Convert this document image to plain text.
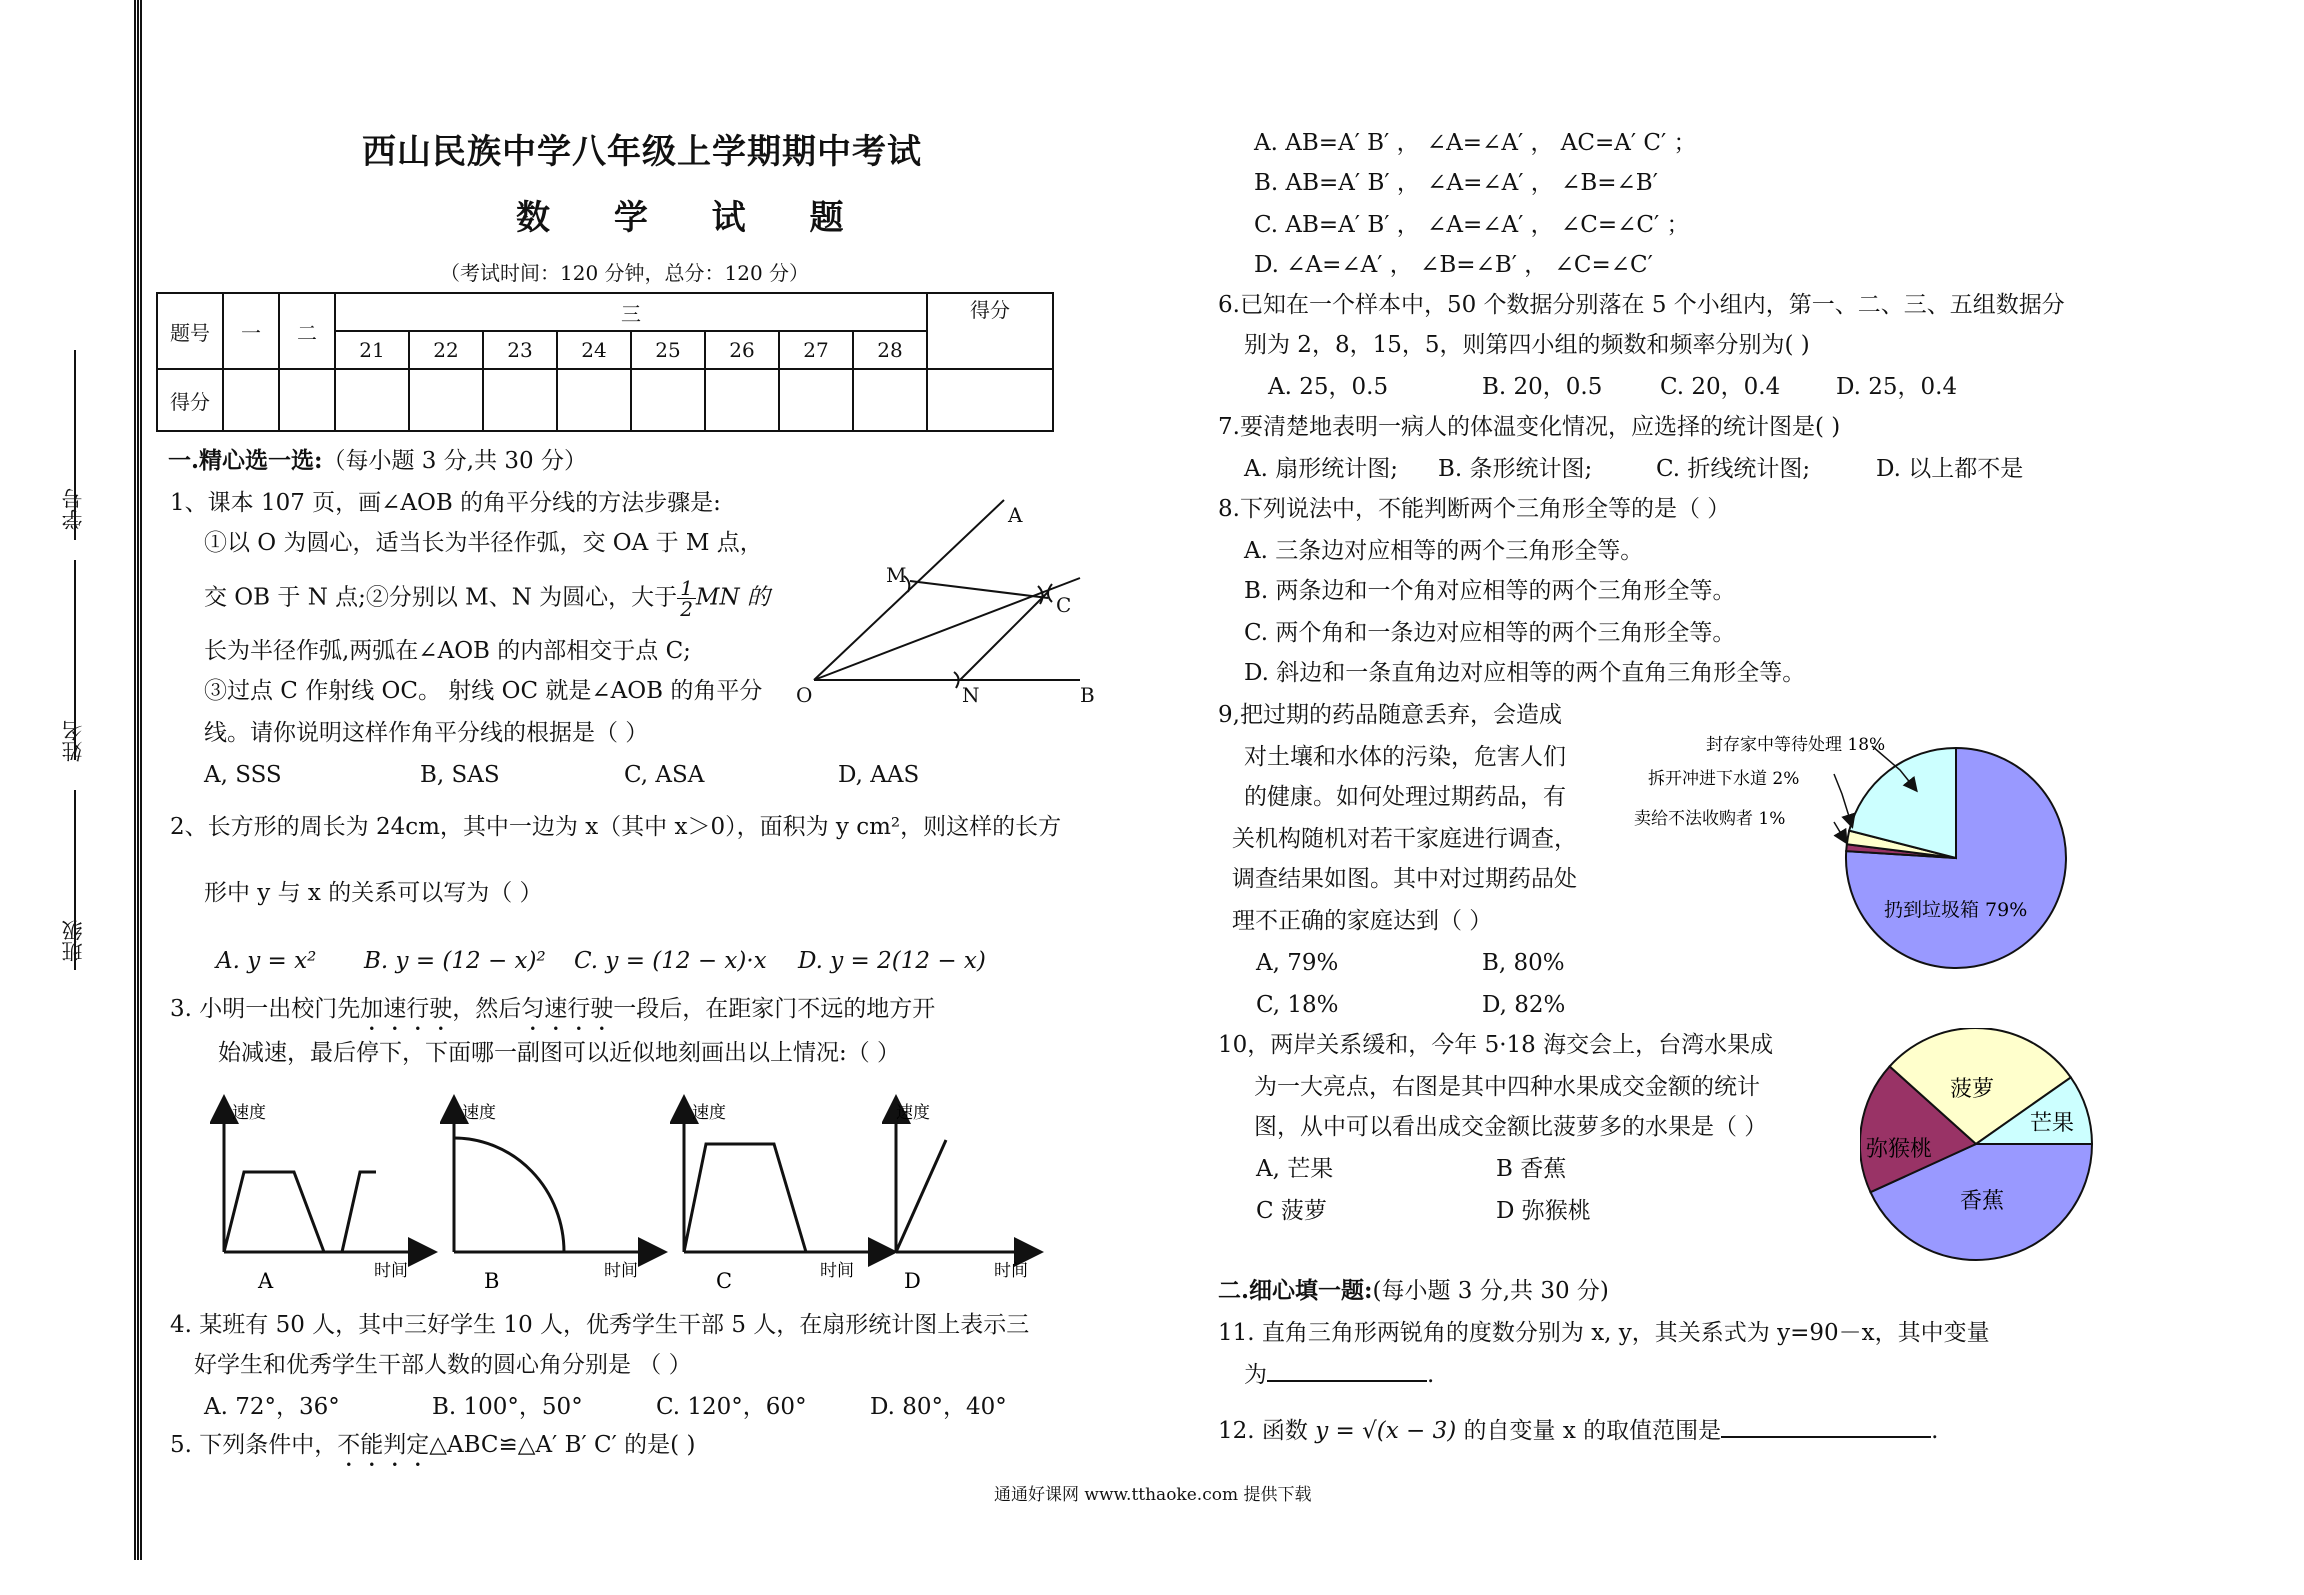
学号
姓名
班级
西山民族中学八年级上学期期中考试
数 学 试 题
（考试时间：120 分钟，总分：120 分）
题号	一	二	三								得分
			21	22	23	24	25	26	27	28	
得分											
一.精心选一选:（每小题 3 分,共 30 分）
1、课本 107 页，画∠AOB 的角平分线的方法步骤是:
①以 O 为圆心，适当长为半径作弧，交 OA 于 M 点，
交 OB 于 N 点;②分别以 M、N 为圆心，大于 $\frac{1}{2}$ MN 的
长为半径作弧,两弧在∠AOB 的内部相交于点 C;
③过点 C 作射线 OC。 射线 OC 就是∠AOB 的角平分
线。请你说明这样作角平分线的根据是（ ）
A, SSS	B, SAS	C, ASA	D, AAS
A
M
C
O	N	B
2、长方形的周长为 24cm，其中一边为 x（其中 x＞0），面积为 y cm²，则这样的长方
形中 y 与 x 的关系可以写为（ ）
A. y = x² B. y = (12 − x)² C. y = (12 − x)·x D. y = 2(12 − x)
3. 小明一出校门先加速行驶，然后匀速行驶一段后，在距家门不远的地方开
始减速，最后停下，下面哪一副图可以近似地刻画出以上情况:（ ）
速度
时间
A
速度
时间
B
速度
时间
C
速度
时间
D
4. 某班有 50 人，其中三好学生 10 人，优秀学生干部 5 人，在扇形统计图上表示三
好学生和优秀学生干部人数的圆心角分别是 （ ）
A. 72°，36°	B. 100°，50°	C. 120°，60°	D. 80°，40°
5. 下列条件中，不能判定△ABC≌△A′ B′ C′ 的是( )
A. AB=A′ B′ ， ∠A=∠A′ ， AC=A′ C′ ；
B. AB=A′ B′ ， ∠A=∠A′ ， ∠B=∠B′
C. AB=A′ B′ ， ∠A=∠A′ ， ∠C=∠C′ ；
D. ∠A=∠A′ ， ∠B=∠B′ ， ∠C=∠C′
6.已知在一个样本中，50 个数据分别落在 5 个小组内，第一、二、三、五组数据分
别为 2，8，15，5，则第四小组的频数和频率分别为( )
A. 25，0.5	B. 20，0.5	C. 20，0.4 D. 25，0.4
7.要清楚地表明一病人的体温变化情况，应选择的统计图是( )
A. 扇形统计图; B. 条形统计图;	C. 折线统计图;	D. 以上都不是
8.下列说法中，不能判断两个三角形全等的是（ ）
A. 三条边对应相等的两个三角形全等。
B. 两条边和一个角对应相等的两个三角形全等。
C. 两个角和一条边对应相等的两个三角形全等。
D. 斜边和一条直角边对应相等的两个直角三角形全等。
9,把过期的药品随意丢弃，会造成
对土壤和水体的污染，危害人们
的健康。如何处理过期药品，有
关机构随机对若干家庭进行调查，
调查结果如图。其中对过期药品处
理不正确的家庭达到（ ）
A, 79%	B, 80%
C, 18%	D, 82%
封存家中等待处理 18%
拆开冲进下水道 2%
卖给不法收购者 1%
扔到垃圾箱 79%
10，两岸关系缓和，今年 5·18 海交会上，台湾水果成
为一大亮点，右图是其中四种水果成交金额的统计
图，从中可以看出成交金额比菠萝多的水果是（ ）
A, 芒果	B 香蕉
C 菠萝	D 弥猴桃
菠萝
芒果
弥猴桃
香蕉
二.细心填一题:(每小题 3 分,共 30 分)
11. 直角三角形两锐角的度数分别为 x, y，其关系式为 y=90－x，其中变量
为	.
12. 函数 y = √(x − 3) 的自变量 x 的取值范围是	.
通通好课网 www.tthaoke.com 提供下载
